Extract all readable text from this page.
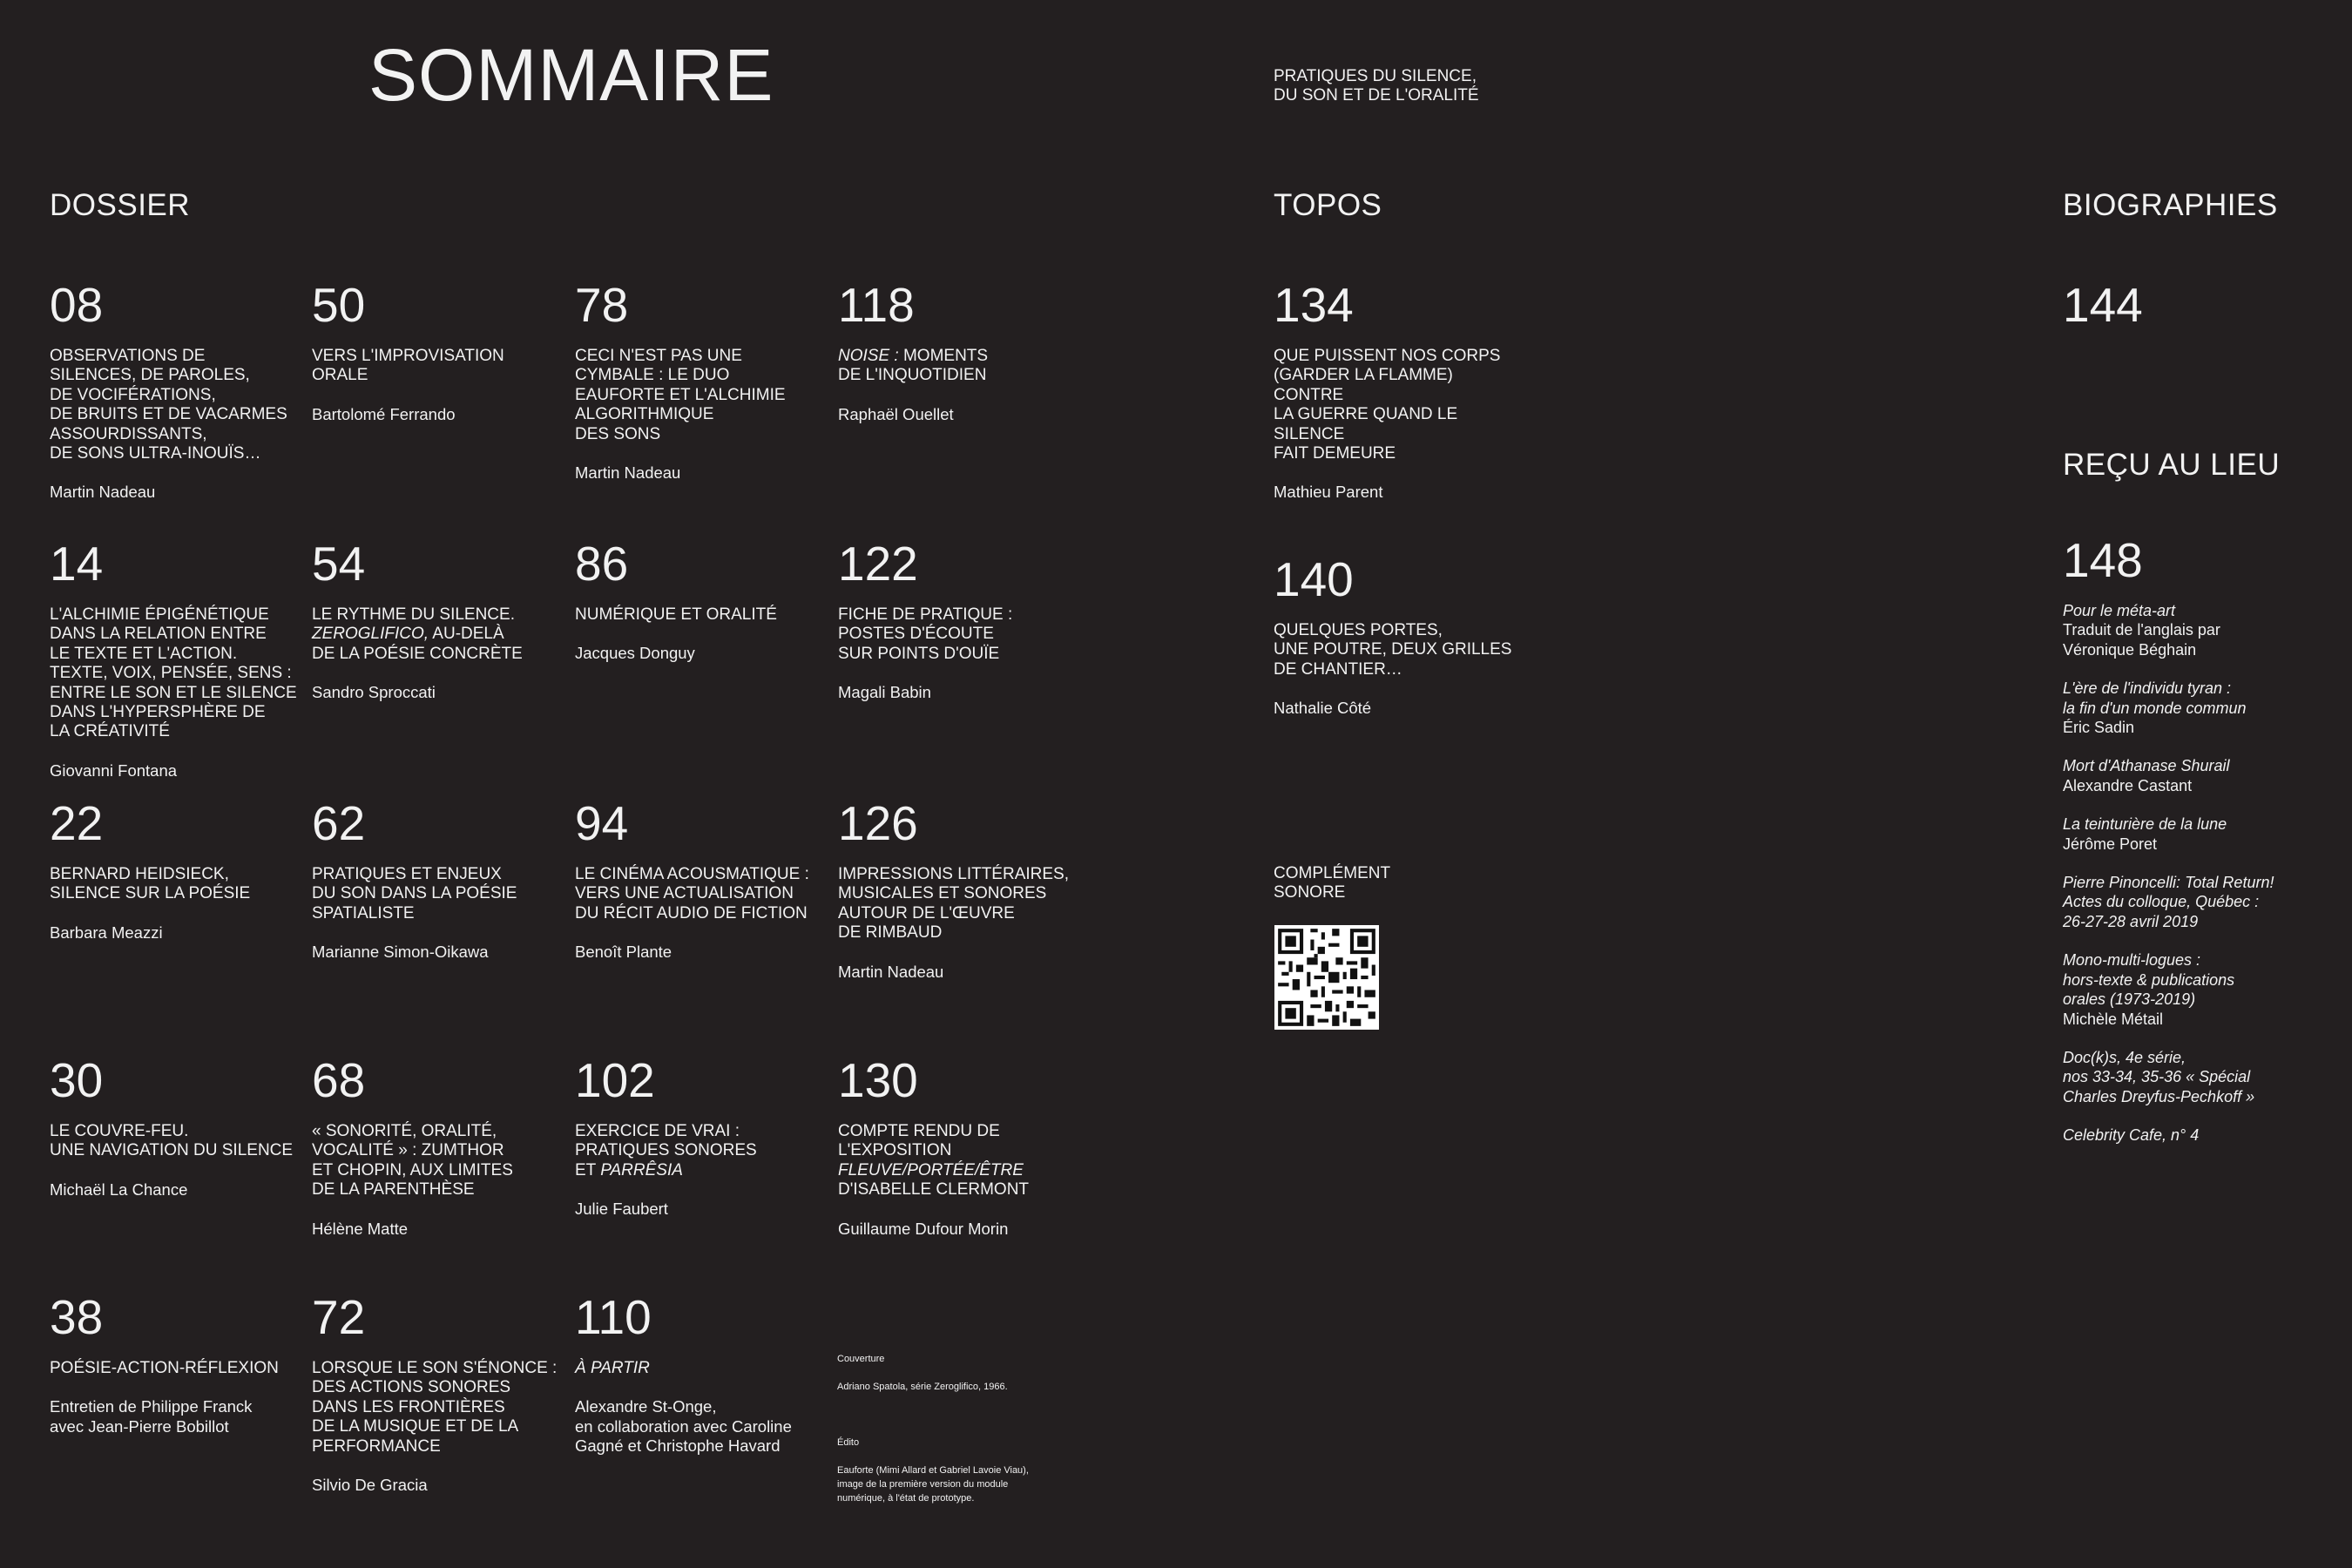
SOMMAIRE	PRATIQUES DU SILENCE,
DU SON ET DE L'ORALITÉ
DOSSIER	TOPOS	BIOGRAPHIES
REÇU AU LIEU
08
OBSERVATIONS DE
SILENCES, DE PAROLES,
DE VOCIFÉRATIONS,
DE BRUITS ET DE VACARMES
ASSOURDISSANTS,
DE SONS ULTRA-INOUÏS…
Martin Nadeau
50
VERS L'IMPROVISATION
ORALE
Bartolomé Ferrando
78
CECI N'EST PAS UNE
CYMBALE : LE DUO
EAUFORTE ET L'ALCHIMIE
ALGORITHMIQUE
DES SONS
Martin Nadeau
118
NOISE : MOMENTS
DE L'INQUOTIDIEN
Raphaël Ouellet
14
L'ALCHIMIE ÉPIGÉNÉTIQUE
DANS LA RELATION ENTRE
LE TEXTE ET L'ACTION.
TEXTE, VOIX, PENSÉE, SENS :
ENTRE LE SON ET LE SILENCE
DANS L'HYPERSPHÈRE DE
LA CRÉATIVITÉ
Giovanni Fontana
54
LE RYTHME DU SILENCE.
ZEROGLIFICO, AU-DELÀ
DE LA POÉSIE CONCRÈTE
Sandro Sproccati
86
NUMÉRIQUE ET ORALITÉ
Jacques Donguy
122
FICHE DE PRATIQUE :
POSTES D'ÉCOUTE
SUR POINTS D'OUÏE
Magali Babin
22
BERNARD HEIDSIECK,
SILENCE SUR LA POÉSIE
Barbara Meazzi
62
PRATIQUES ET ENJEUX
DU SON DANS LA POÉSIE
SPATIALISTE
Marianne Simon-Oikawa
94
LE CINÉMA ACOUSMATIQUE :
VERS UNE ACTUALISATION
DU RÉCIT AUDIO DE FICTION
Benoît Plante
126
IMPRESSIONS LITTÉRAIRES,
MUSICALES ET SONORES
AUTOUR DE L'ŒUVRE
DE RIMBAUD
Martin Nadeau
30
LE COUVRE-FEU.
UNE NAVIGATION DU SILENCE
Michaël La Chance
68
« SONORITÉ, ORALITÉ,
VOCALITÉ » : ZUMTHOR
ET CHOPIN, AUX LIMITES
DE LA PARENTHÈSE
Hélène Matte
102
EXERCICE DE VRAI :
PRATIQUES SONORES
ET PARRÊSIA
Julie Faubert
130
COMPTE RENDU DE
L'EXPOSITION
FLEUVE/PORTÉE/ÊTRE
D'ISABELLE CLERMONT
Guillaume Dufour Morin
38
POÉSIE-ACTION-RÉFLEXION
Entretien de Philippe Franck
avec Jean-Pierre Bobillot
72
LORSQUE LE SON S'ÉNONCE :
DES ACTIONS SONORES
DANS LES FRONTIÈRES
DE LA MUSIQUE ET DE LA
PERFORMANCE
Silvio De Gracia
110
À PARTIR
Alexandre St-Onge,
en collaboration avec Caroline
Gagné et Christophe Havard
134
QUE PUISSENT NOS CORPS
(GARDER LA FLAMME) CONTRE
LA GUERRE QUAND LE SILENCE
FAIT DEMEURE
Mathieu Parent
140
QUELQUES PORTES,
UNE POUTRE, DEUX GRILLES
DE CHANTIER…
Nathalie Côté
COMPLÉMENT
SONORE
144
148
Pour le méta-art
Traduit de l'anglais par
Véronique Béghain
L'ère de l'individu tyran :
la fin d'un monde commun
Éric Sadin
Mort d'Athanase Shurail
Alexandre Castant
La teinturière de la lune
Jérôme Poret
Pierre Pinoncelli: Total Return!
Actes du colloque, Québec :
26-27-28 avril 2019
Mono-multi-logues :
hors-texte & publications
orales (1973-2019)
Michèle Métail
Doc(k)s, 4e série,
nos 33-34, 35-36 « Spécial
Charles Dreyfus-Pechkoff »
Celebrity Cafe, n° 4

Couverture

Adriano Spatola, série Zeroglifico, 1966.

Édito

Eauforte (Mimi Allard et Gabriel Lavoie Viau),
image de la première version du module
numérique, à l'état de prototype.
